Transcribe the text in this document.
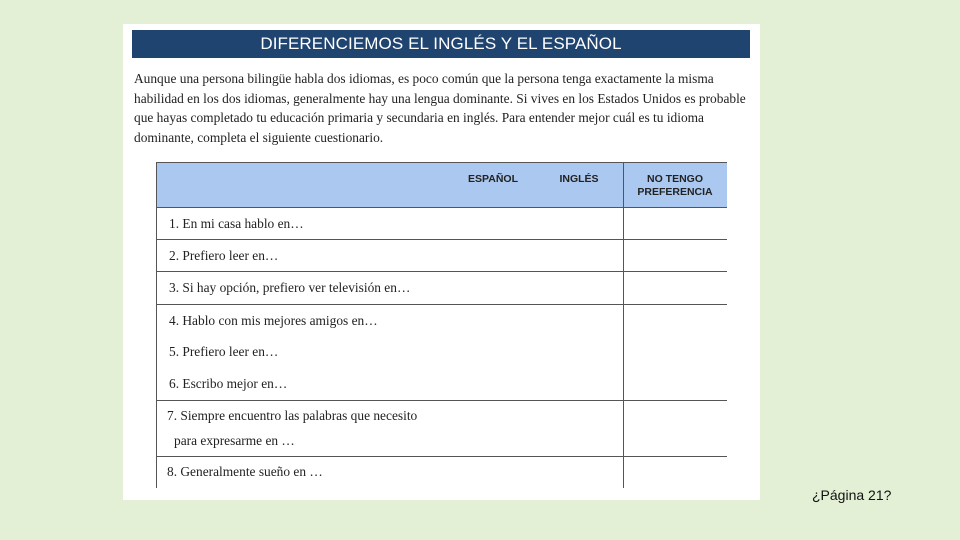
DIFERENCIEMOS EL INGLÉS Y EL ESPAÑOL

Aunque una persona bilingüe habla dos idiomas, es poco común que la persona tenga exactamente la misma habilidad en los dos idiomas, generalmente hay una lengua dominante. Si vives en los Estados Unidos es probable que hayas completado tu educación primaria y secundaria en inglés. Para entender mejor cuál es tu idioma dominante, completa el siguiente cuestionario.

ESPAÑOL	INGLÉS	NO TENGO
PREFERENCIA
1. En mi casa hablo en…
2. Prefiero leer en…
3. Si hay opción, prefiero ver televisión en…
4. Hablo con mis mejores amigos en…
5. Prefiero leer en…
6. Escribo mejor en…
7. Siempre encuentro las palabras que necesito
para expresarme en …
8. Generalmente sueño en …
¿Página 21?
